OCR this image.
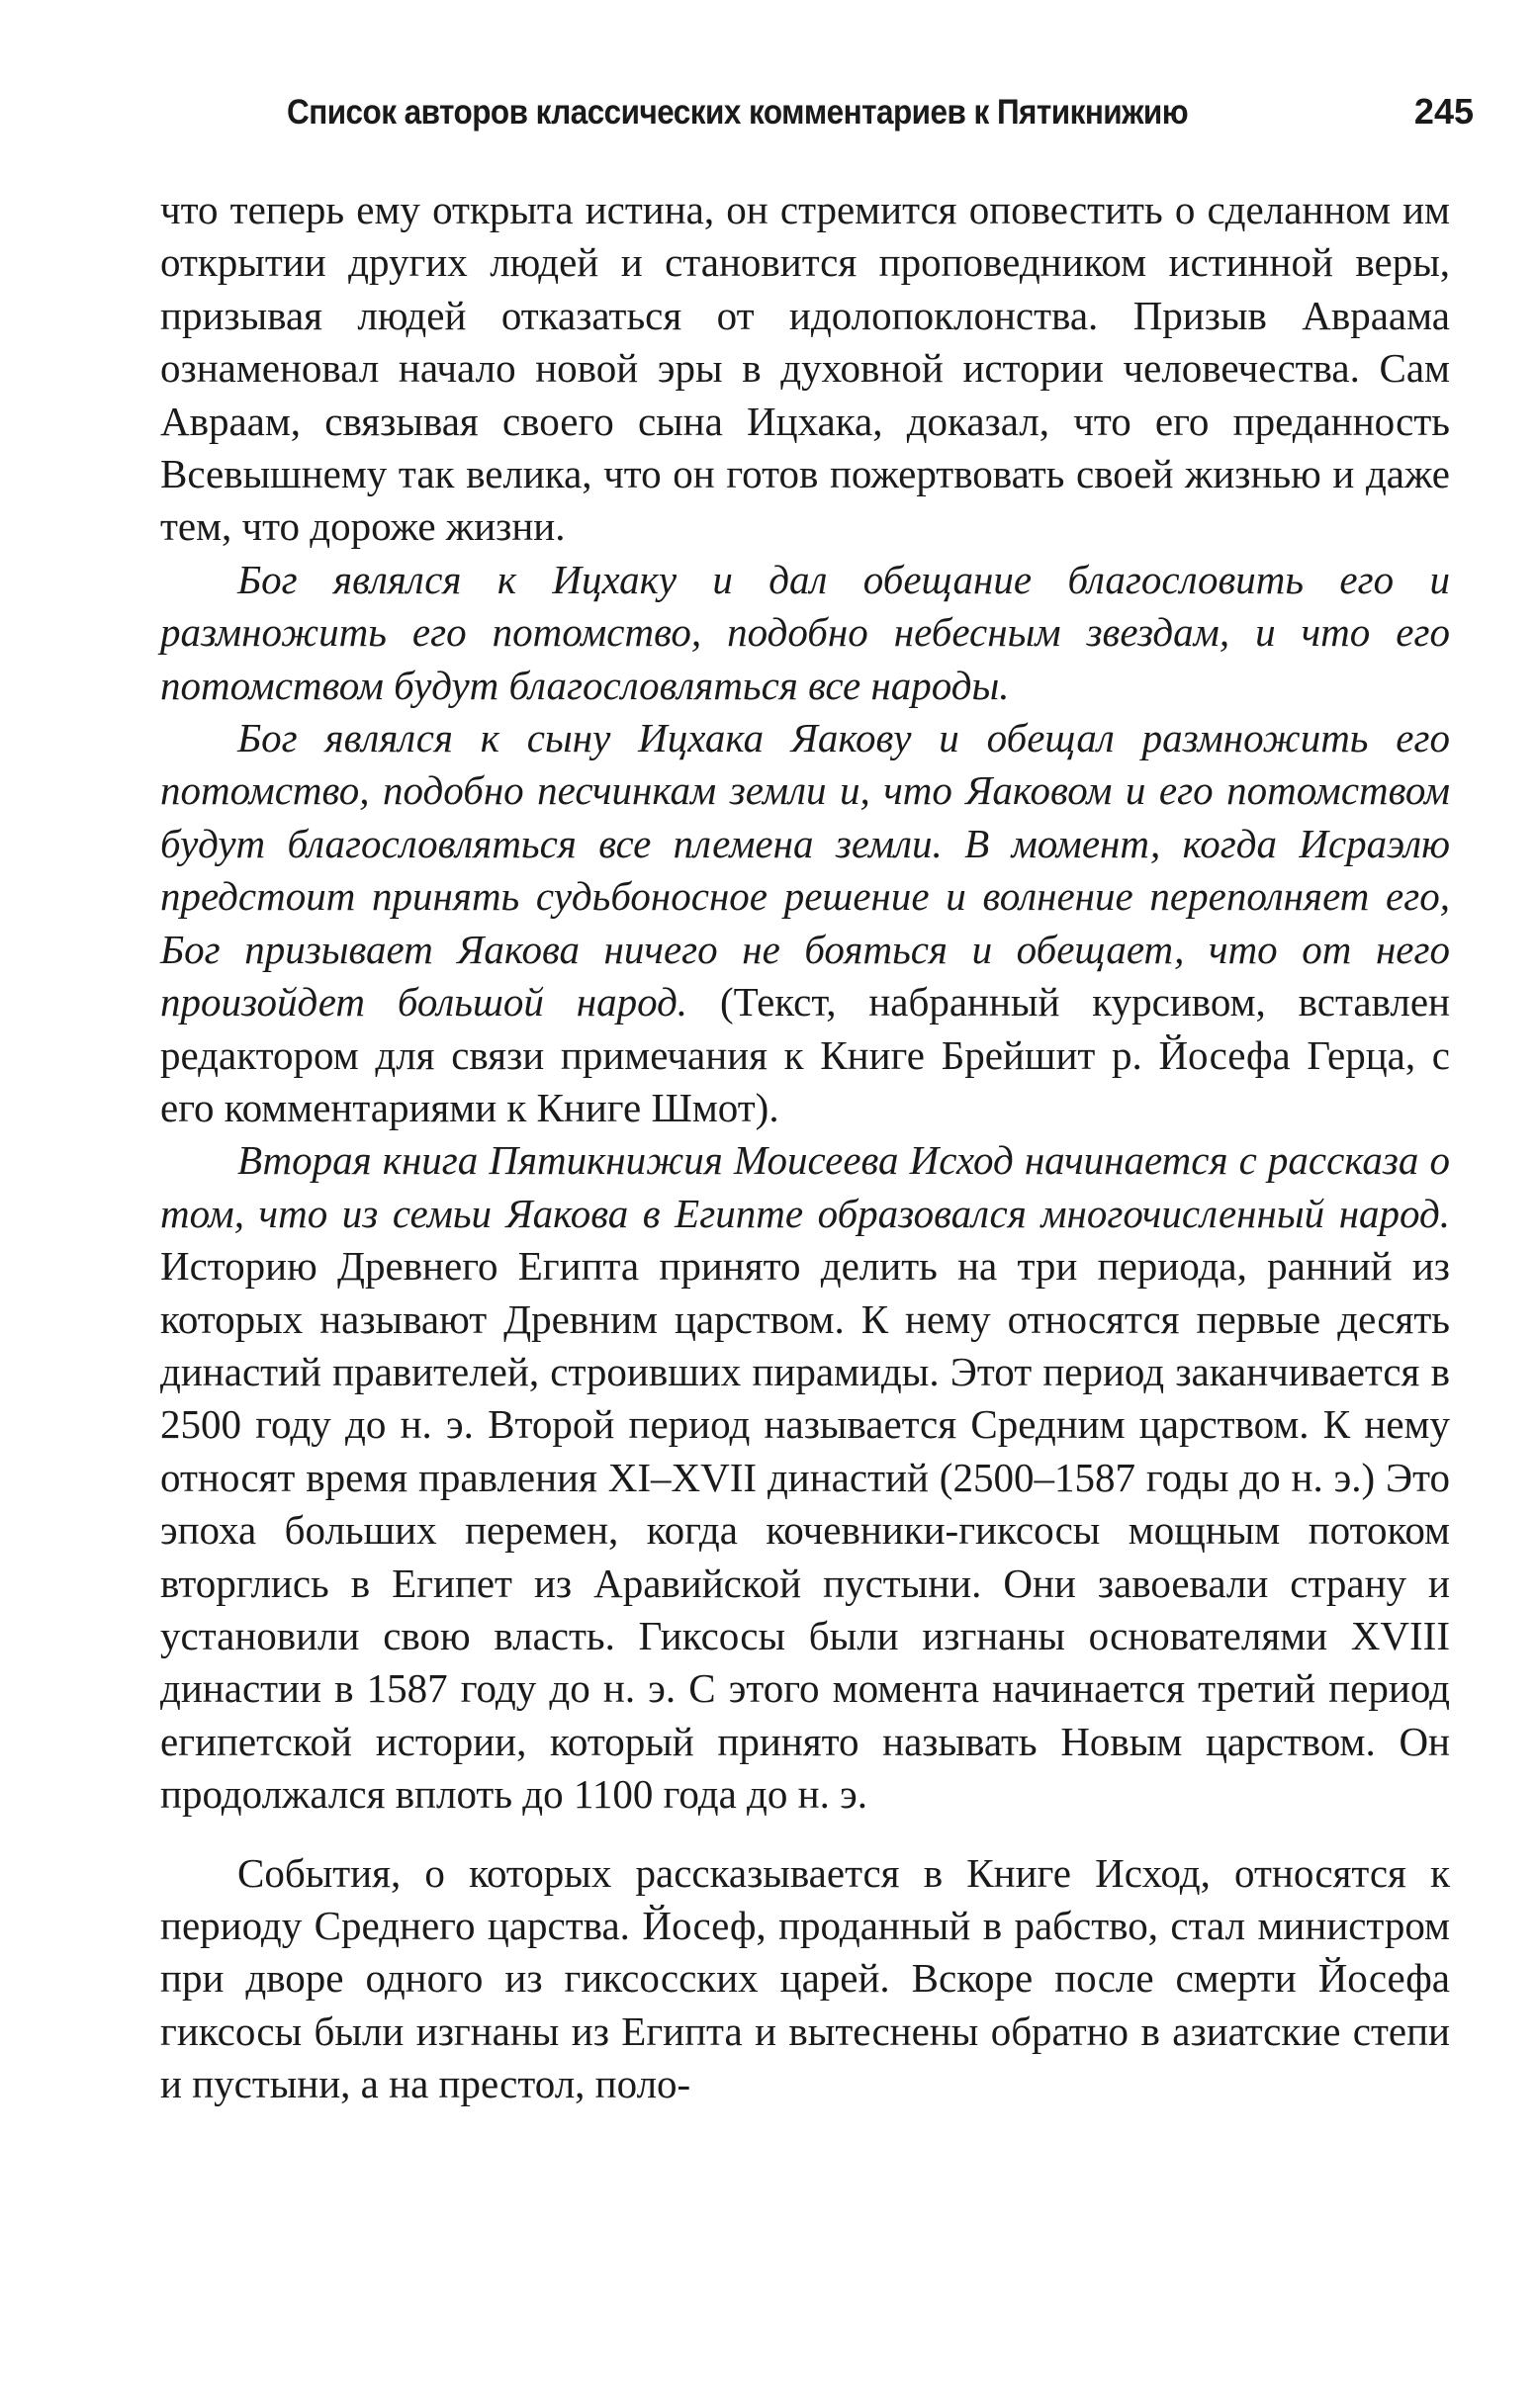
Список авторов классических комментариев к Пятикнижию	245

что теперь ему открыта истина, он стремится оповестить о сделанном им открытии других людей и становится проповедником истинной веры, призывая людей отказаться от идолопоклонства. Призыв Авраама ознаменовал начало новой эры в духовной истории человечества. Сам Авраам, связывая своего сына Ицхака, доказал, что его преданность Всевышнему так велика, что он готов пожертвовать своей жизнью и даже тем, что дороже жизни.

Бог являлся к Ицхаку и дал обещание благословить его и размножить его потомство, подобно небесным звездам, и что его потомством будут благословляться все народы.

Бог являлся к сыну Ицхака Яакову и обещал размножить его потомство, подобно песчинкам земли и, что Яаковом и его потомством будут благословляться все племена земли. В момент, когда Исраэлю предстоит принять судьбоносное решение и волнение переполняет его, Бог призывает Яакова ничего не бояться и обещает, что от него произойдет большой народ. (Текст, набранный курсивом, вставлен редактором для связи примечания к Книге Брейшит р. Йосефа Герца, с его комментариями к Книге Шмот).

Вторая книга Пятикнижия Моисеева Исход начинается с рассказа о том, что из семьи Яакова в Египте образовался многочисленный народ. Историю Древнего Египта принято делить на три периода, ранний из которых называют Древним царством. К нему относятся первые десять династий правителей, строивших пирамиды. Этот период заканчивается в 2500 году до н. э. Второй период называется Средним царством. К нему относят время правления XI–XVII династий (2500–1587 годы до н. э.) Это эпоха больших перемен, когда кочевники-гиксосы мощным потоком вторглись в Египет из Аравийской пустыни. Они завоевали страну и установили свою власть. Гиксосы были изгнаны основателями XVIII династии в 1587 году до н. э. С этого момента начинается третий период египетской истории, который принято называть Новым царством. Он продолжался вплоть до 1100 года до н. э.

События, о которых рассказывается в Книге Исход, относятся к периоду Среднего царства. Йосеф, проданный в рабство, стал министром при дворе одного из гиксосских царей. Вскоре после смерти Йосефа гиксосы были изгнаны из Египта и вытеснены обратно в азиатские степи и пустыни, а на престол, поло-
